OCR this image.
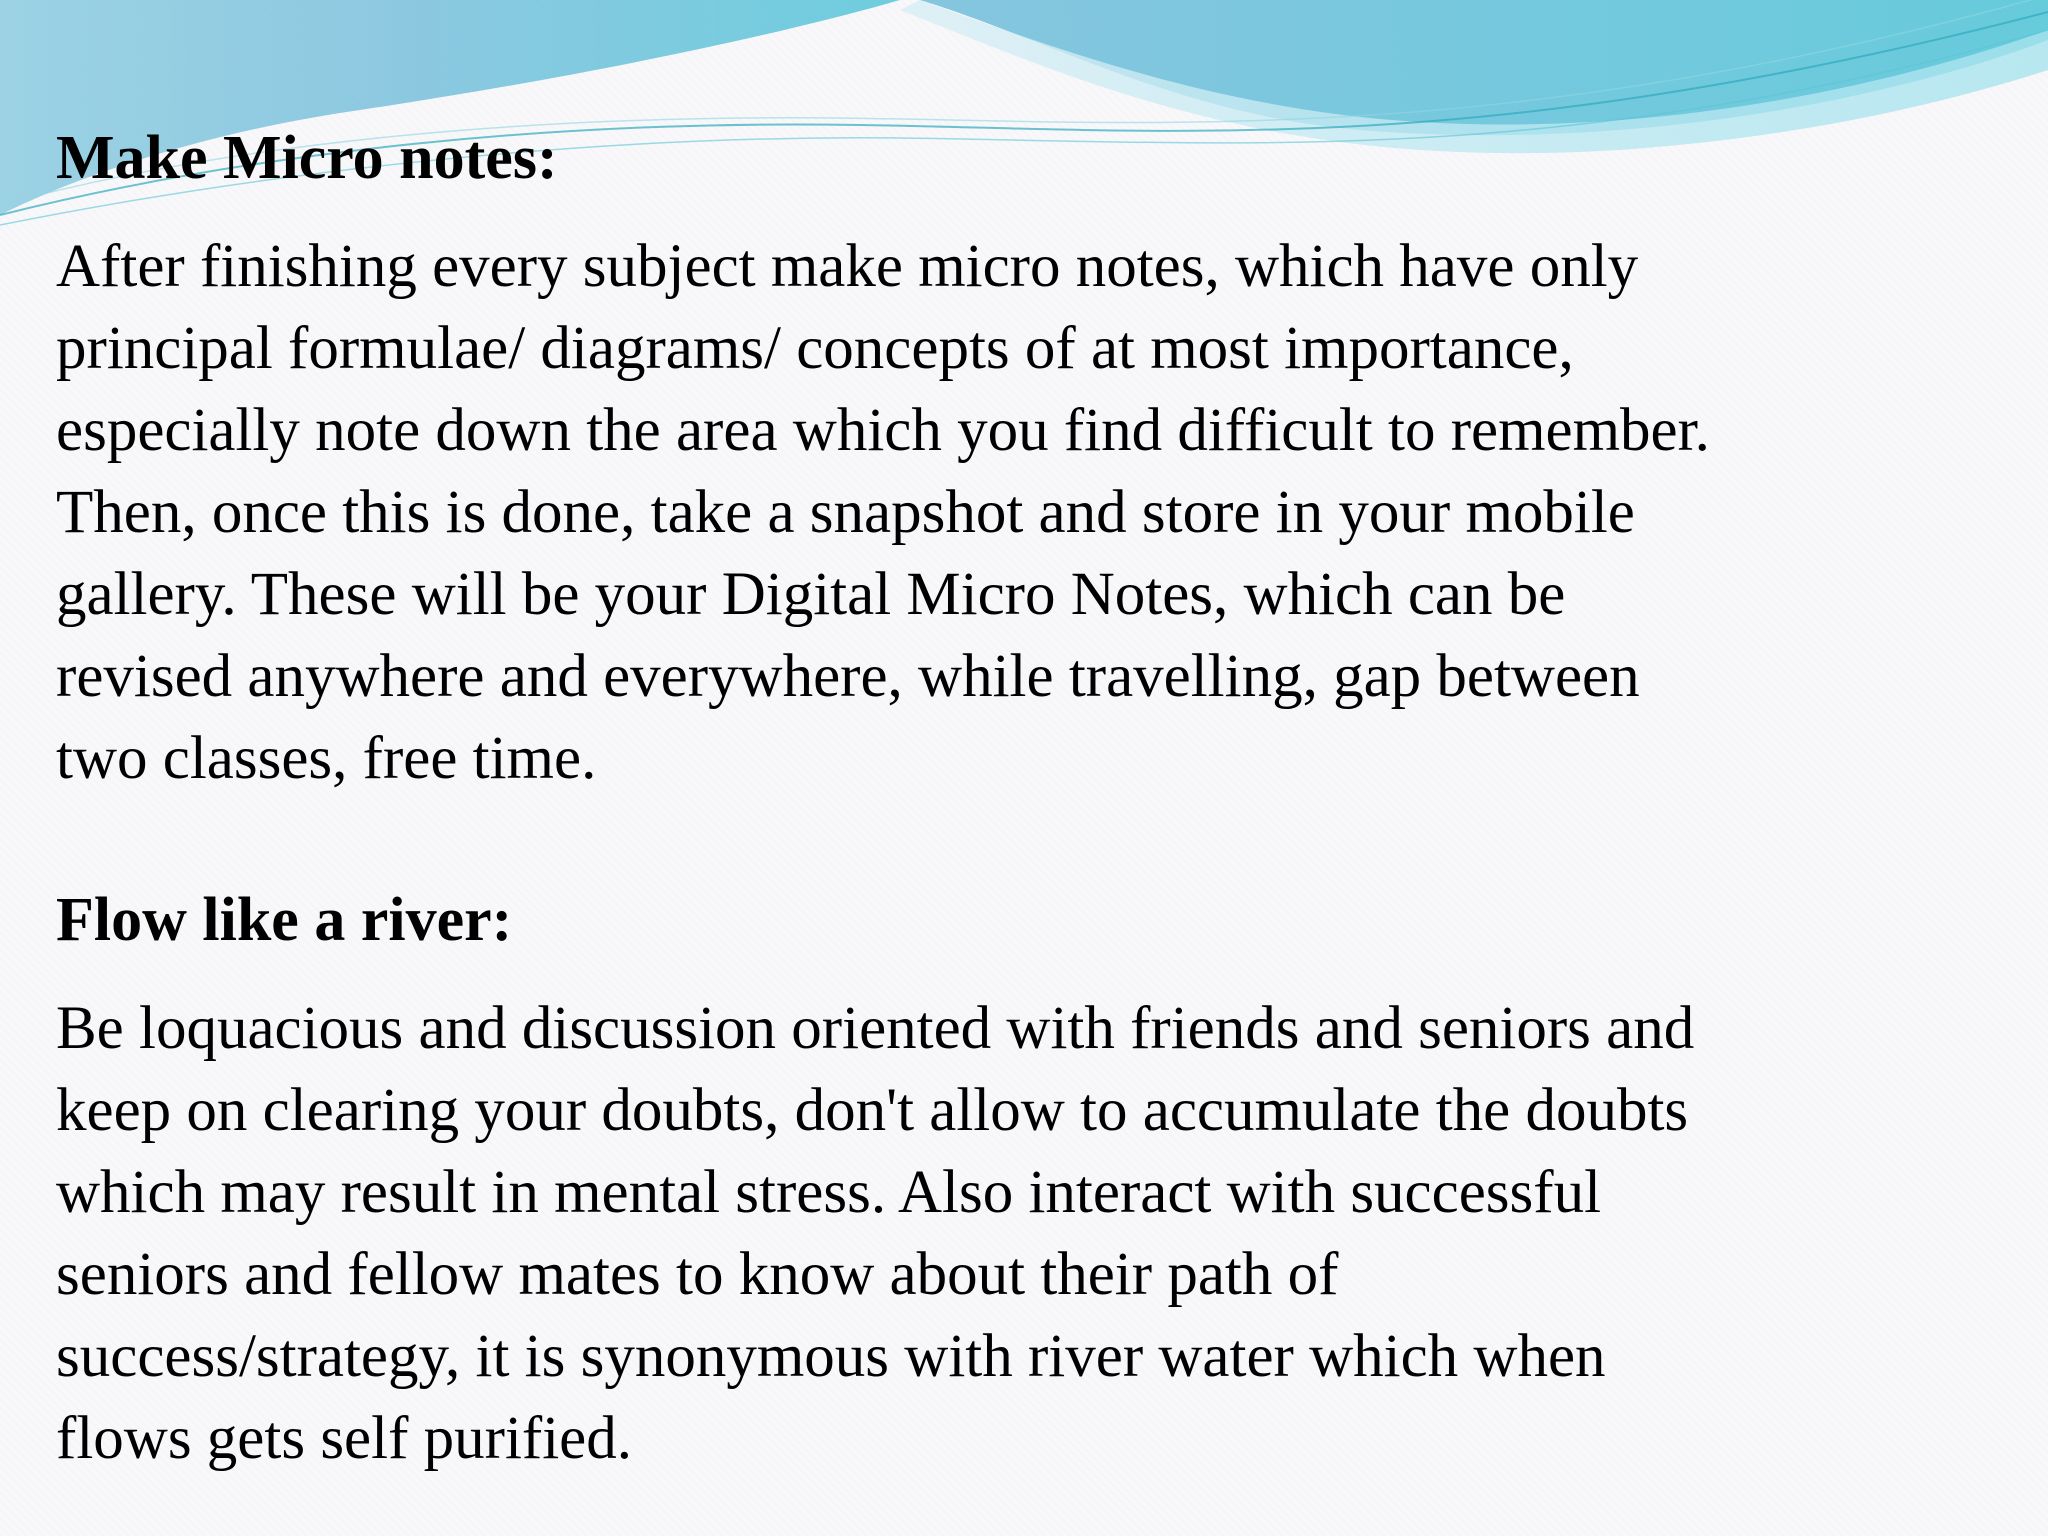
Make Micro notes:

After finishing every subject make micro notes, which have only
principal formulae/ diagrams/ concepts of at most importance,
especially note down the area which you find difficult to remember.
Then, once this is done, take a snapshot and store in your mobile
gallery. These will be your Digital Micro Notes, which can be
revised anywhere and everywhere, while travelling, gap between
two classes, free time.

Flow like a river:

Be loquacious and discussion oriented with friends and seniors and
keep on clearing your doubts, don't allow to accumulate the doubts
which may result in mental stress. Also interact with successful
seniors and fellow mates to know about their path of
success/strategy, it is synonymous with river water which when
flows gets self purified.
